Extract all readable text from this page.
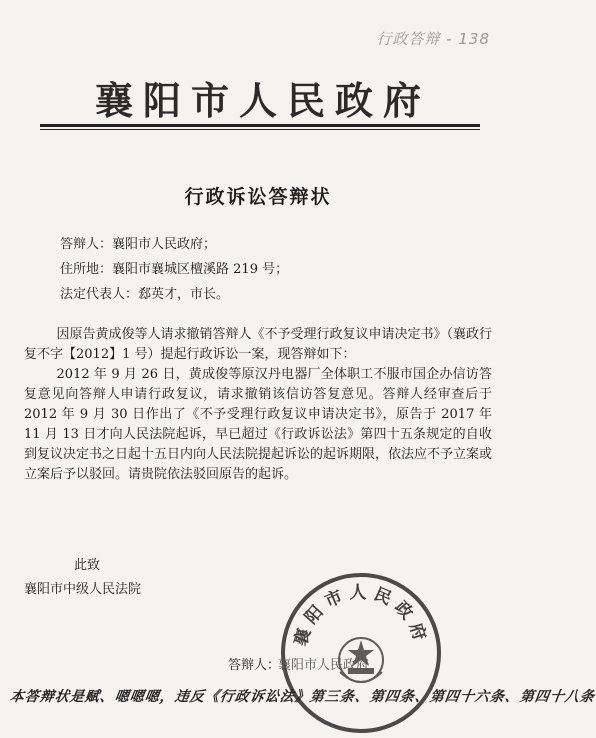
行政答辩 - 138
襄阳市人民政府
行政诉讼答辩状
答辩人：襄阳市人民政府；
住所地：襄阳市襄城区檀溪路 219 号；
法定代表人：郄英才，市长。

因原告黄成俊等人请求撤销答辩人《不予受理行政复议申请决定书》（襄政行复不字【2012】1 号）提起行政诉讼一案，现答辩如下：

2012 年 9 月 26 日，黄成俊等原汉丹电器厂全体职工不服市国企办信访答复意见向答辩人申请行政复议，请求撤销该信访答复意见。答辩人经审查后于 2012 年 9 月 30 日作出了《不予受理行政复议申请决定书》，原告于 2017 年 11 月 13 日才向人民法院起诉，早已超过《行政诉讼法》第四十五条规定的自收到复议决定书之日起十五日内向人民法院提起诉讼的起诉期限，依法应不予立案或立案后予以驳回。请贵院依法驳回原告的起诉。

此致
襄阳市中级人民法院
襄阳市人民政府
答辩人：
襄阳市人民政府
本答辩状是赋、嗯嗯嗯，违反《行政诉讼法》第三条、第四条、第四十六条、第四十八条
